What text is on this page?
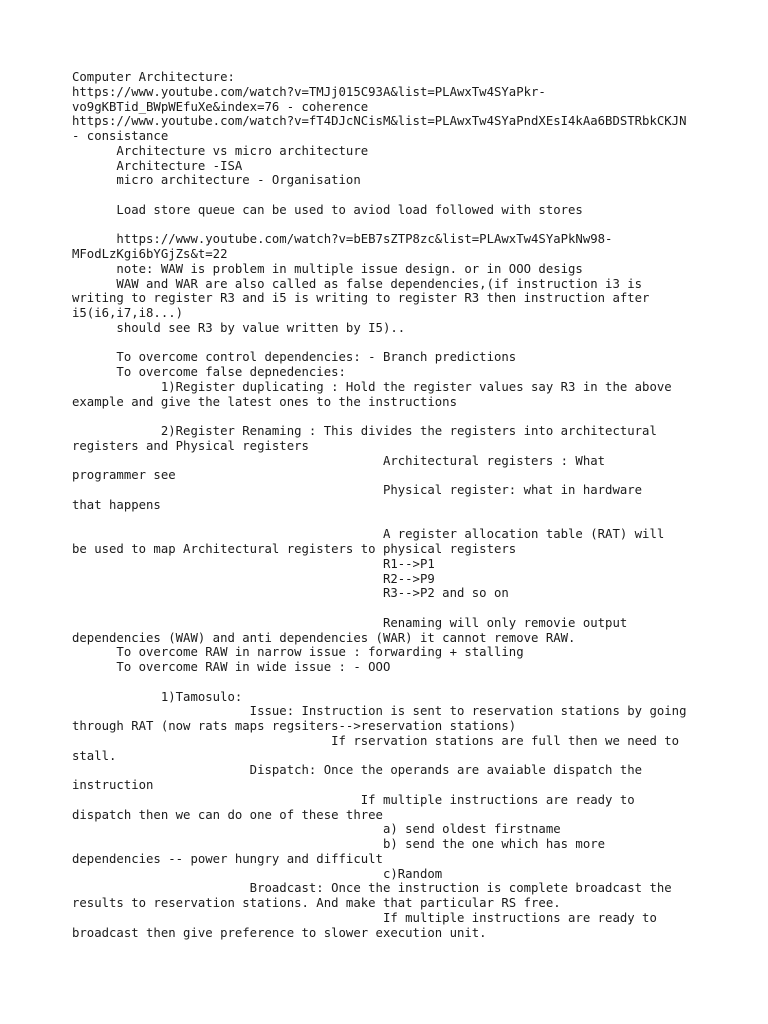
Computer Architecture:
https://www.youtube.com/watch?v=TMJj015C93A&list=PLAwxTw4SYaPkr-
vo9gKBTid_BWpWEfuXe&index=76 - coherence
https://www.youtube.com/watch?v=fT4DJcNCisM&list=PLAwxTw4SYaPndXEsI4kAa6BDSTRbkCKJN
- consistance
Architecture vs micro architecture
Architecture -ISA
micro architecture - Organisation
Load store queue can be used to aviod load followed with stores
https://www.youtube.com/watch?v=bEB7sZTP8zc&list=PLAwxTw4SYaPkNw98-
MFodLzKgi6bYGjZs&t=22
note: WAW is problem in multiple issue design. or in OOO desigs
WAW and WAR are also called as false dependencies,(if instruction i3 is
writing to register R3 and i5 is writing to register R3 then instruction after
i5(i6,i7,i8...)
should see R3 by value written by I5)..
To overcome control dependencies: - Branch predictions
To overcome false depnedencies:
1)Register duplicating : Hold the register values say R3 in the above
example and give the latest ones to the instructions
2)Register Renaming : This divides the registers into architectural
registers and Physical registers
Architectural registers : What
programmer see
Physical register: what in hardware
that happens
A register allocation table (RAT) will
be used to map Architectural registers to physical registers
R1-->P1
R2-->P9
R3-->P2 and so on
Renaming will only removie output
dependencies (WAW) and anti dependencies (WAR) it cannot remove RAW.
To overcome RAW in narrow issue : forwarding + stalling
To overcome RAW in wide issue : - OOO
1)Tamosulo:
Issue: Instruction is sent to reservation stations by going
through RAT (now rats maps regsiters-->reservation stations)
If rservation stations are full then we need to
stall.
Dispatch: Once the operands are avaiable dispatch the
instruction
If multiple instructions are ready to
dispatch then we can do one of these three
a) send oldest firstname
b) send the one which has more
dependencies -- power hungry and difficult
c)Random
Broadcast: Once the instruction is complete broadcast the
results to reservation stations. And make that particular RS free.
If multiple instructions are ready to
broadcast then give preference to slower execution unit.
